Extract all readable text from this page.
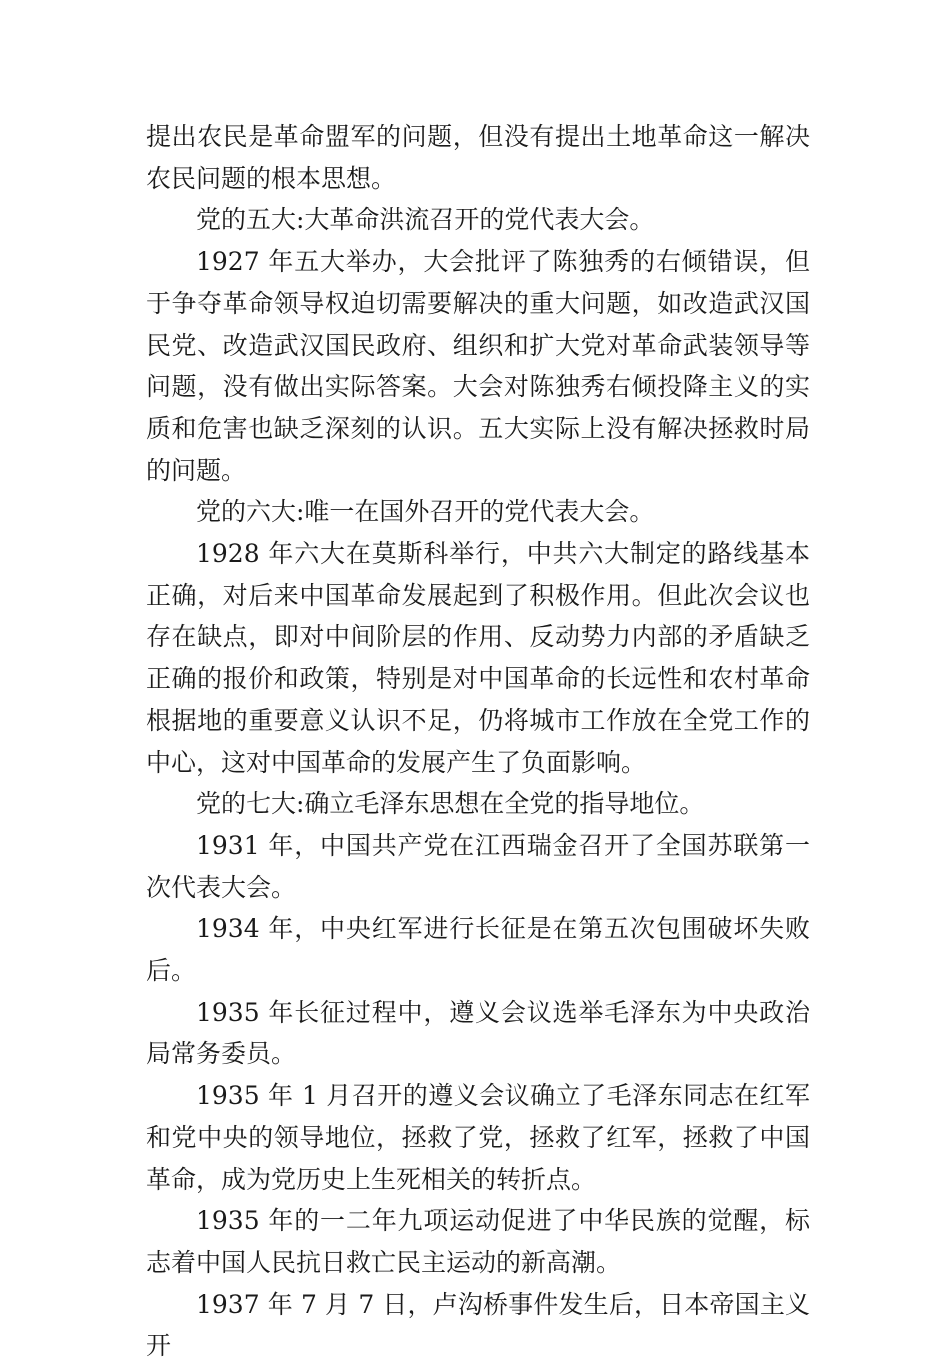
提出农民是革命盟军的问题，但没有提出土地革命这一解决农民问题的根本思想。

党的五大:大革命洪流召开的党代表大会。

1927 年五大举办，大会批评了陈独秀的右倾错误，但于争夺革命领导权迫切需要解决的重大问题，如改造武汉国民党、改造武汉国民政府、组织和扩大党对革命武装领导等问题，没有做出实际答案。大会对陈独秀右倾投降主义的实质和危害也缺乏深刻的认识。五大实际上没有解决拯救时局的问题。

党的六大:唯一在国外召开的党代表大会。

1928 年六大在莫斯科举行，中共六大制定的路线基本正确，对后来中国革命发展起到了积极作用。但此次会议也存在缺点，即对中间阶层的作用、反动势力内部的矛盾缺乏正确的报价和政策，特别是对中国革命的长远性和农村革命根据地的重要意义认识不足，仍将城市工作放在全党工作的中心，这对中国革命的发展产生了负面影响。

党的七大:确立毛泽东思想在全党的指导地位。

1931 年，中国共产党在江西瑞金召开了全国苏联第一次代表大会。

1934 年，中央红军进行长征是在第五次包围破坏失败后。

1935 年长征过程中，遵义会议选举毛泽东为中央政治局常务委员。

1935 年 1 月召开的遵义会议确立了毛泽东同志在红军和党中央的领导地位，拯救了党，拯救了红军，拯救了中国革命，成为党历史上生死相关的转折点。

1935 年的一二年九项运动促进了中华民族的觉醒，标志着中国人民抗日救亡民主运动的新高潮。

1937 年 7 月 7 日，卢沟桥事件发生后，日本帝国主义开
